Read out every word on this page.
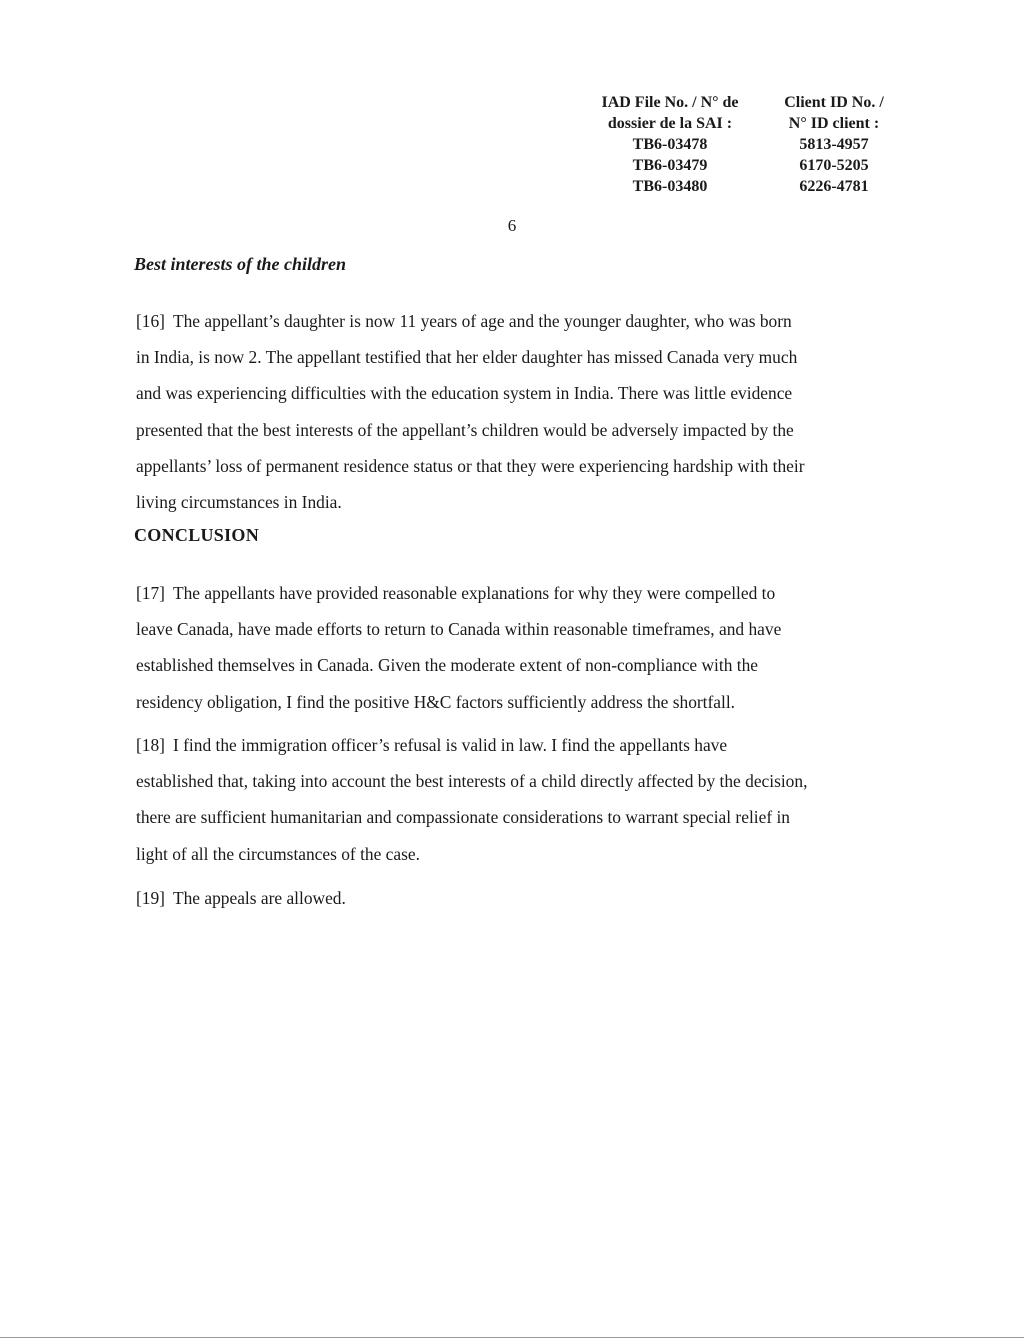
IAD File No. / N° de
dossier de la SAI :
TB6-03478
TB6-03479
TB6-03480
Client ID No. /
N° ID client :
5813-4957
6170-5205
6226-4781
6
Best interests of the children
[16] The appellant’s daughter is now 11 years of age and the younger daughter, who was born
in India, is now 2. The appellant testified that her elder daughter has missed Canada very much
and was experiencing difficulties with the education system in India. There was little evidence
presented that the best interests of the appellant’s children would be adversely impacted by the
appellants’ loss of permanent residence status or that they were experiencing hardship with their
living circumstances in India.
CONCLUSION
[17] The appellants have provided reasonable explanations for why they were compelled to
leave Canada, have made efforts to return to Canada within reasonable timeframes, and have
established themselves in Canada. Given the moderate extent of non-compliance with the
residency obligation, I find the positive H&C factors sufficiently address the shortfall.
[18] I find the immigration officer’s refusal is valid in law. I find the appellants have
established that, taking into account the best interests of a child directly affected by the decision,
there are sufficient humanitarian and compassionate considerations to warrant special relief in
light of all the circumstances of the case.
[19] The appeals are allowed.
